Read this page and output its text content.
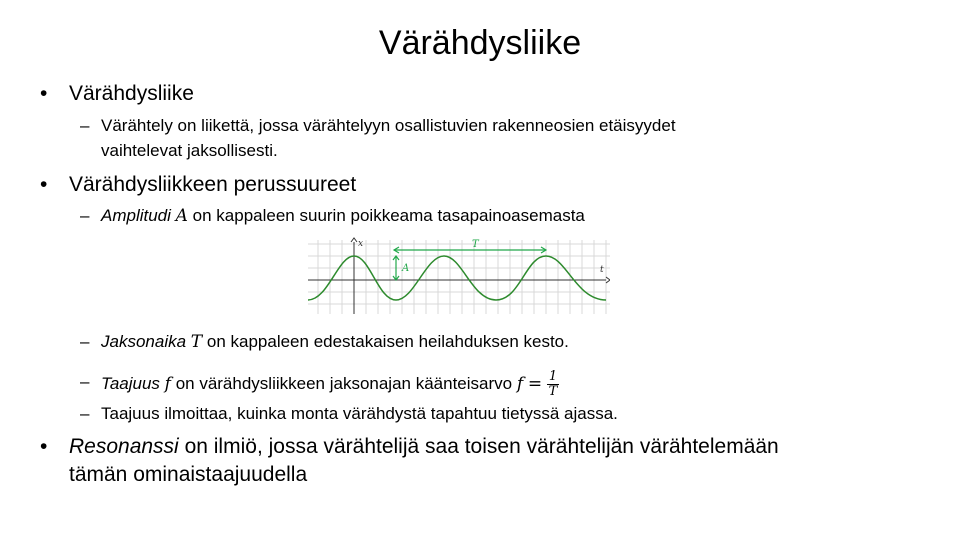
Värähdysliike
• Värähdysliike
– Värähtely on liikettä, jossa värähtelyyn osallistuvien rakenneosien etäisyydet
vaihtelevat jaksollisesti.
• Värähdysliikkeen perussuureet
– Amplitudi A on kappaleen suurin poikkeama tasapainoasemasta
x
t
T
A
– Jaksonaika T on kappaleen edestakaisen heilahduksen kesto.
– Taajuus f on värähdysliikkeen jaksonajan käänteisarvo $f = \frac{1}{T}$
– Taajuus ilmoittaa, kuinka monta värähdystä tapahtuu tietyssä ajassa.
• Resonanssi on ilmiö, jossa värähtelijä saa toisen värähtelijän värähtelemään
tämän ominaistaajuudella
